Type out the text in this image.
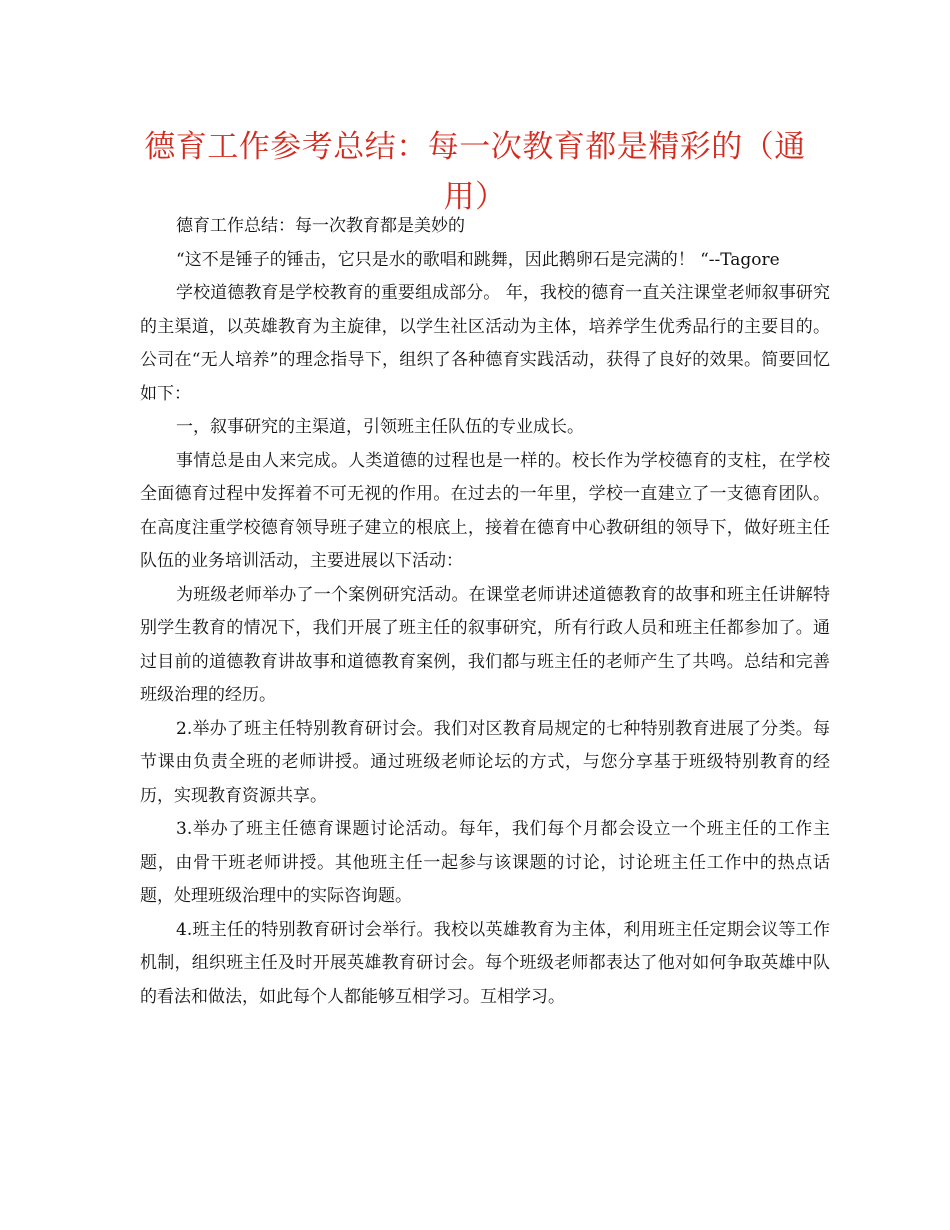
德育工作参考总结：每一次教育都是精彩的（通用）

德育工作总结：每一次教育都是美妙的

“这不是锤子的锤击，它只是水的歌唱和跳舞，因此鹅卵石是完满的！ “--Tagore

学校道德教育是学校教育的重要组成部分。 年，我校的德育一直关注课堂老师叙事研究的主渠道，以英雄教育为主旋律，以学生社区活动为主体，培养学生优秀品行的主要目的。公司在“无人培养”的理念指导下，组织了各种德育实践活动，获得了良好的效果。简要回忆如下：

一，叙事研究的主渠道，引领班主任队伍的专业成长。

事情总是由人来完成。人类道德的过程也是一样的。校长作为学校德育的支柱，在学校全面德育过程中发挥着不可无视的作用。在过去的一年里，学校一直建立了一支德育团队。在高度注重学校德育领导班子建立的根底上，接着在德育中心教研组的领导下，做好班主任队伍的业务培训活动，主要进展以下活动：

为班级老师举办了一个案例研究活动。在课堂老师讲述道德教育的故事和班主任讲解特别学生教育的情况下，我们开展了班主任的叙事研究，所有行政人员和班主任都参加了。通过目前的道德教育讲故事和道德教育案例，我们都与班主任的老师产生了共鸣。总结和完善班级治理的经历。

2.举办了班主任特别教育研讨会。我们对区教育局规定的七种特别教育进展了分类。每节课由负责全班的老师讲授。通过班级老师论坛的方式，与您分享基于班级特别教育的经历，实现教育资源共享。

3.举办了班主任德育课题讨论活动。每年，我们每个月都会设立一个班主任的工作主题，由骨干班老师讲授。其他班主任一起参与该课题的讨论，讨论班主任工作中的热点话题，处理班级治理中的实际咨询题。

4.班主任的特别教育研讨会举行。我校以英雄教育为主体，利用班主任定期会议等工作机制，组织班主任及时开展英雄教育研讨会。每个班级老师都表达了他对如何争取英雄中队的看法和做法，如此每个人都能够互相学习。互相学习。
